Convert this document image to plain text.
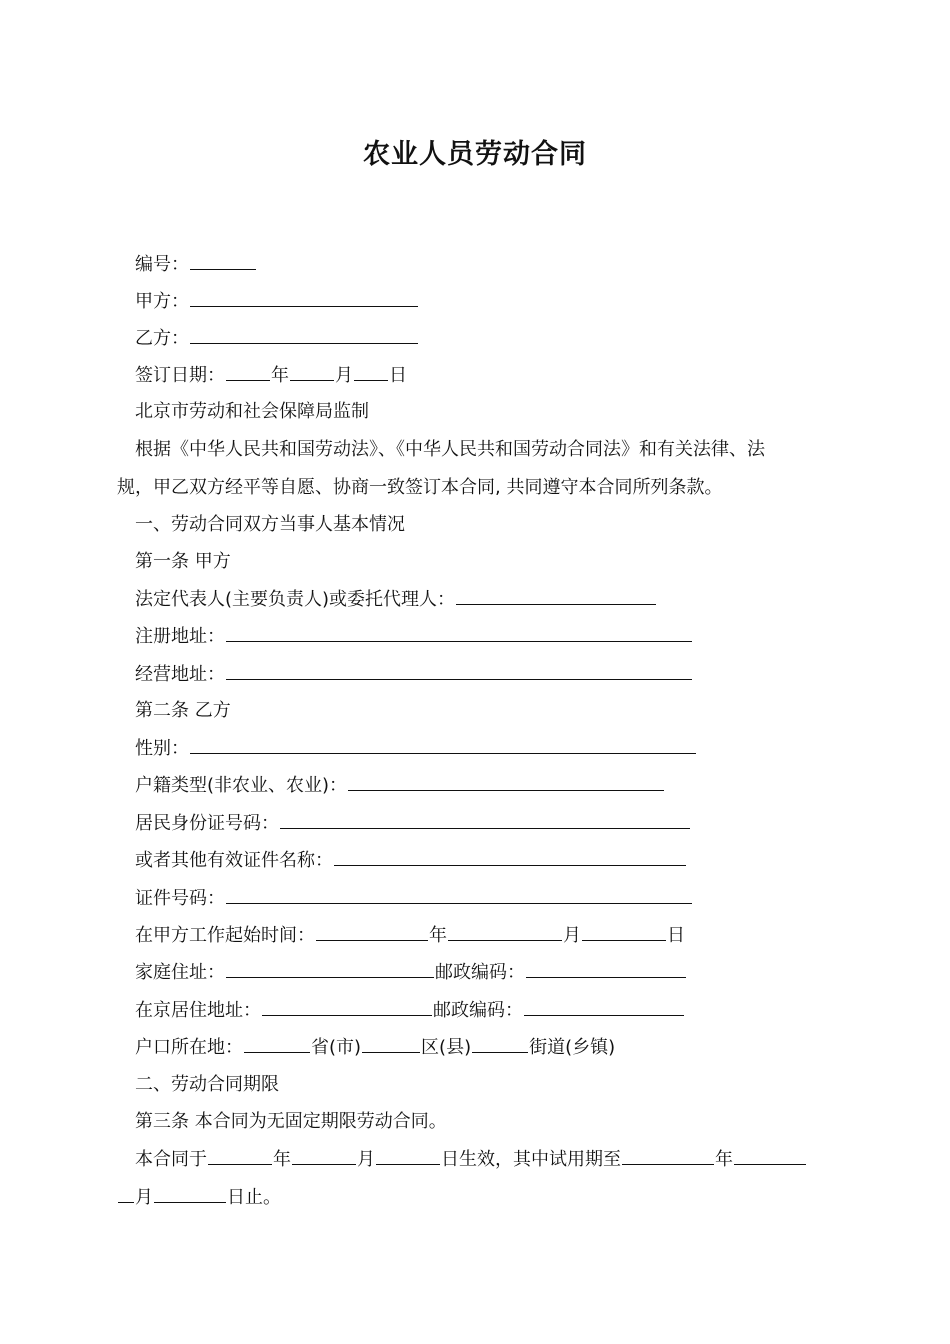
农业人员劳动合同
编号：
甲方：
乙方：
签订日期：	年	月 日
北京市劳动和社会保障局监制
根据《中华人民共和国劳动法》、《中华人民共和国劳动合同法》和有关法律、法
规，甲乙双方经平等自愿、协商一致签订本合同, 共同遵守本合同所列条款。
一、劳动合同双方当事人基本情况
第一条 甲方
法定代表人(主要负责人)或委托代理人：
注册地址：
经营地址：
第二条 乙方
性别：
户籍类型(非农业、农业)：
居民身份证号码：
或者其他有效证件名称：
证件号码：
在甲方工作起始时间：	年	月	日
家庭住址：	邮政编码：
在京居住地址：	邮政编码：
户口所在地：	省(市)	区(县)	街道(乡镇)
二、劳动合同期限
第三条 本合同为无固定期限劳动合同。
本合同于	年	月	日生效，其中试用期至	年
月	日止。
